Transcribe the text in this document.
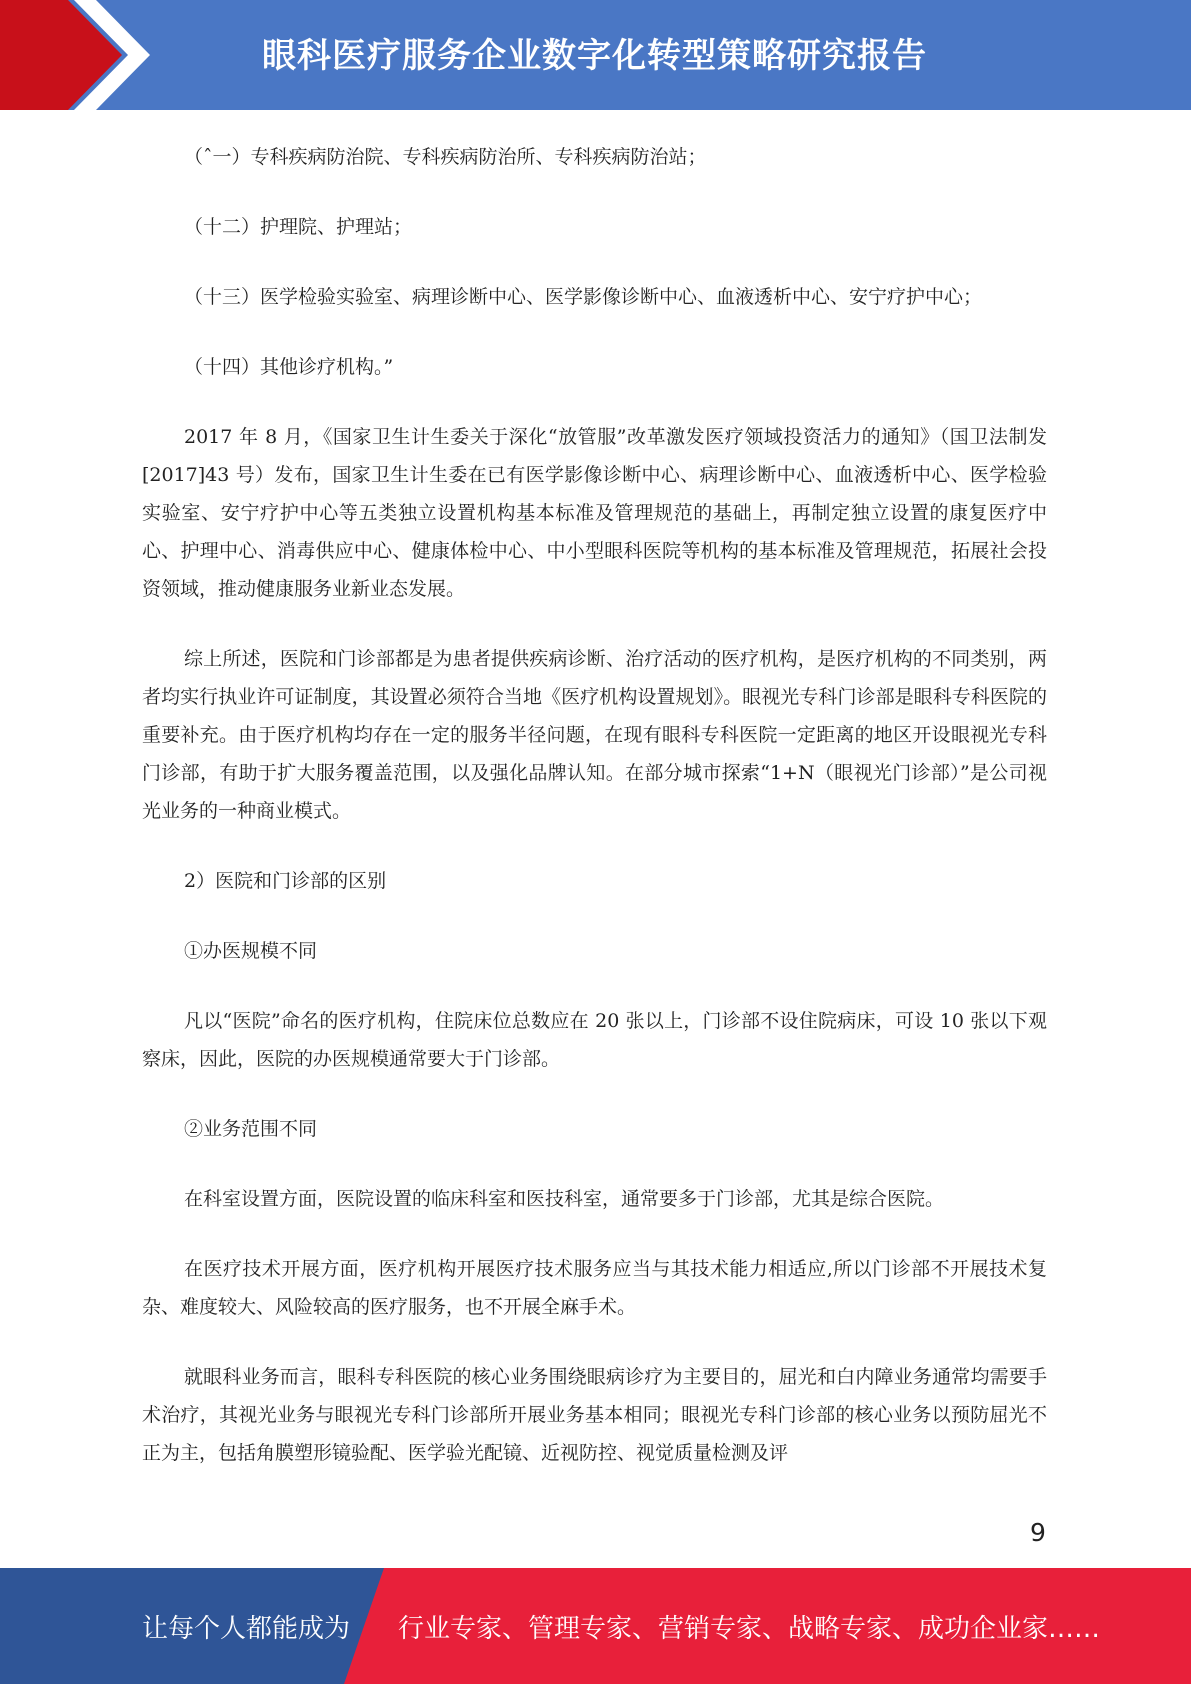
眼科医疗服务企业数字化转型策略研究报告

（ˆ一）专科疾病防治院、专科疾病防治所、专科疾病防治站；

（十二）护理院、护理站；

（十三）医学检验实验室、病理诊断中心、医学影像诊断中心、血液透析中心、安宁疗护中心；

（十四）其他诊疗机构。”

2017 年 8 月，《国家卫生计生委关于深化“放管服”改革激发医疗领域投资活力的通知》（国卫法制发[2017]43 号）发布，国家卫生计生委在已有医学影像诊断中心、病理诊断中心、血液透析中心、医学检验实验室、安宁疗护中心等五类独立设置机构基本标准及管理规范的基础上，再制定独立设置的康复医疗中心、护理中心、消毒供应中心、健康体检中心、中小型眼科医院等机构的基本标准及管理规范，拓展社会投资领域，推动健康服务业新业态发展。

综上所述，医院和门诊部都是为患者提供疾病诊断、治疗活动的医疗机构，是医疗机构的不同类别，两者均实行执业许可证制度，其设置必须符合当地《医疗机构设置规划》。眼视光专科门诊部是眼科专科医院的重要补充。由于医疗机构均存在一定的服务半径问题，在现有眼科专科医院一定距离的地区开设眼视光专科门诊部，有助于扩大服务覆盖范围，以及强化品牌认知。在部分城市探索“1+N（眼视光门诊部）”是公司视光业务的一种商业模式。

2）医院和门诊部的区别

①办医规模不同

凡以“医院”命名的医疗机构，住院床位总数应在 20 张以上，门诊部不设住院病床，可设 10 张以下观察床，因此，医院的办医规模通常要大于门诊部。

②业务范围不同

在科室设置方面，医院设置的临床科室和医技科室，通常要多于门诊部，尤其是综合医院。

在医疗技术开展方面，医疗机构开展医疗技术服务应当与其技术能力相适应,所以门诊部不开展技术复杂、难度较大、风险较高的医疗服务，也不开展全麻手术。

就眼科业务而言，眼科专科医院的核心业务围绕眼病诊疗为主要目的，屈光和白内障业务通常均需要手术治疗，其视光业务与眼视光专科门诊部所开展业务基本相同；眼视光专科门诊部的核心业务以预防屈光不正为主，包括角膜塑形镜验配、医学验光配镜、近视防控、视觉质量检测及评

9
让每个人都能成为 行业专家、管理专家、营销专家、战略专家、成功企业家……
